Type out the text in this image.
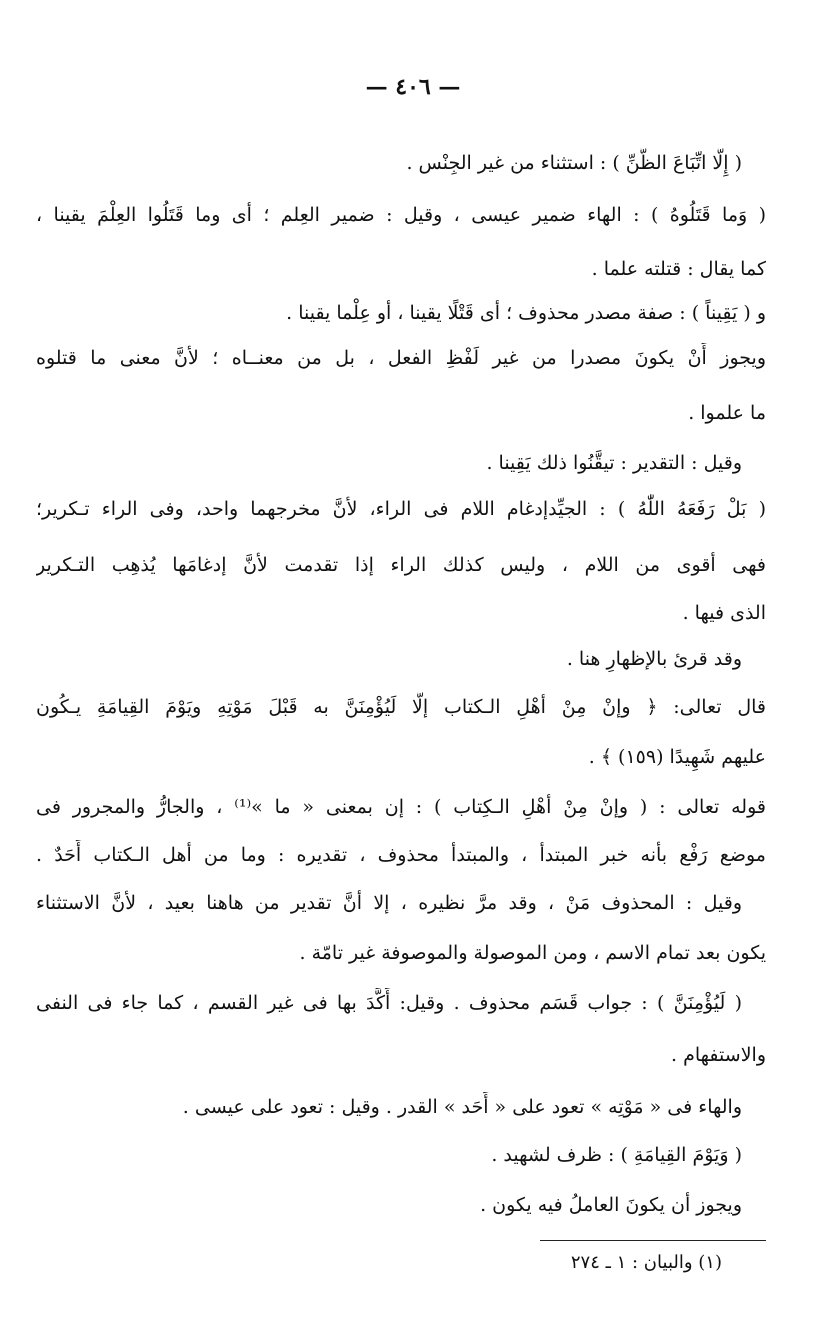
— ٤٠٦ —
( إِلَّا اتِّبَاعَ الظَّنِّ ) : استثناء من غير الجِنْس .
( وَما قَتَلُوهُ ) : الهاء ضمير عيسى ، وقيل : ضمير العِلم ؛ أى وما قَتَلُوا العِلْمَ يقينا ،
كما يقال : قتلته علما .
و ( يَقِيناً ) : صفة مصدر محذوف ؛ أى قَتْلًا يقينا ، أو عِلْما يقينا .
ويجوز أَنْ يكونَ مصدرا من غير لَفْظِ الفعل ، بل من معنــاه ؛ لأنَّ معنى ما قتلوه
ما علموا .
وقيل : التقدير : تيقَّنُوا ذلك يَقِينا .
( بَلْ رَفَعَهُ اللّٰهُ ) : الجيِّدإدغام اللام فى الراء، لأنَّ مخرجهما واحد، وفى الراء تـكرير؛
فهى أقوى من اللام ، وليس كذلك الراء إذا تقدمت لأنَّ إدغامَها يُذهِب التـكرير
الذى فيها .
وقد قرئ بالإظهارِ هنا .
قال تعالى: ﴿ وإنْ مِنْ أهْلِ الـكتاب إلَّا لَيُؤْمِنَنَّ به قَبْلَ مَوْتِهِ ويَوْمَ القِيامَةِ يـكُون
عليهم شَهِيدًا (١٥٩) ﴾ .
قوله تعالى : ( وإنْ مِنْ أهْلِ الـكِتاب ) : إن بمعنى « ما »⁽¹⁾ ، والجارُّ والمجرور فى
موضع رَفْع بأنه خبر المبتدأ ، والمبتدأ محذوف ، تقديره : وما من أهل الـكتاب أَحَدٌ .
وقيل : المحذوف مَنْ ، وقد مرَّ نظيره ، إلا أنَّ تقدير من هاهنا بعيد ، لأنَّ الاستثناء
يكون بعد تمام الاسم ، ومن الموصولة والموصوفة غير تامّة .
( لَيُؤْمِنَنَّ ) : جواب قَسَم محذوف . وقيل: أَكَّدَ بها فى غير القسم ، كما جاء فى النفى
والاستفهام .
والهاء فى « مَوْتِه » تعود على « أَحَد » القدر . وقيل : تعود على عيسى .
( وَيَوْمَ القِيامَةِ ) : ظرف لشهيد .
ويجوز أن يكونَ العاملُ فيه يكون .
(١) والبيان : ١ ـ ٢٧٤
